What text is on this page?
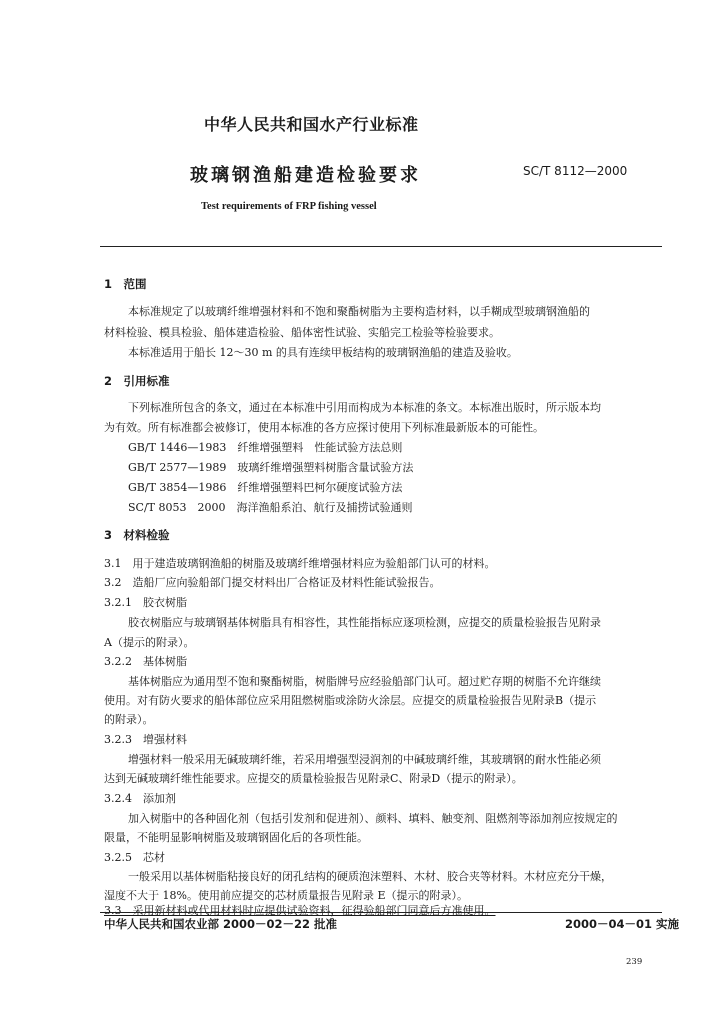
中华人民共和国水产行业标准
玻璃钢渔船建造检验要求	SC/T 8112—2000
Test requirements of FRP fishing vessel
1　范围
本标准规定了以玻璃纤维增强材料和不饱和聚酯树脂为主要构造材料，以手糊成型玻璃钢渔船的
材料检验、模具检验、船体建造检验、船体密性试验、实船完工检验等检验要求。
本标准适用于船长 12～30 m 的具有连续甲板结构的玻璃钢渔船的建造及验收。
2　引用标准
下列标准所包含的条文，通过在本标准中引用而构成为本标准的条文。本标准出版时，所示版本均
为有效。所有标准都会被修订，使用本标准的各方应探讨使用下列标准最新版本的可能性。
GB/T 1446—1983　纤维增强塑料　性能试验方法总则
GB/T 2577—1989　玻璃纤维增强塑料树脂含量试验方法
GB/T 3854—1986　纤维增强塑料巴柯尔硬度试验方法
SC/T 8053　2000　海洋渔船系泊、航行及捕捞试验通则
3　材料检验
3.1　用于建造玻璃钢渔船的树脂及玻璃纤维增强材料应为验船部门认可的材料。
3.2　造船厂应向验船部门提交材料出厂合格证及材料性能试验报告。
3.2.1　胶衣树脂
胶衣树脂应与玻璃钢基体树脂具有相容性，其性能指标应逐项检测，应提交的质量检验报告见附录
A（提示的附录）。
3.2.2　基体树脂
基体树脂应为通用型不饱和聚酯树脂，树脂牌号应经验船部门认可。超过贮存期的树脂不允许继续
使用。对有防火要求的船体部位应采用阻燃树脂或涂防火涂层。应提交的质量检验报告见附录B（提示
的附录）。
3.2.3　增强材料
增强材料一般采用无碱玻璃纤维，若采用增强型浸润剂的中碱玻璃纤维，其玻璃钢的耐水性能必须
达到无碱玻璃纤维性能要求。应提交的质量检验报告见附录C、附录D（提示的附录）。
3.2.4　添加剂
加入树脂中的各种固化剂（包括引发剂和促进剂）、颜料、填料、触变剂、阻燃剂等添加剂应按规定的
限量，不能明显影响树脂及玻璃钢固化后的各项性能。
3.2.5　芯材
一般采用以基体树脂粘接良好的闭孔结构的硬质泡沫塑料、木材、胶合夹等材料。木材应充分干燥，
湿度不大于 18%。使用前应提交的芯材质量报告见附录 E（提示的附录）。
3.3　采用新材料或代用材料时应提供试验资料，征得验船部门同意后方准使用。
中华人民共和国农业部 2000－02－22 批准	2000－04－01 实施
239
